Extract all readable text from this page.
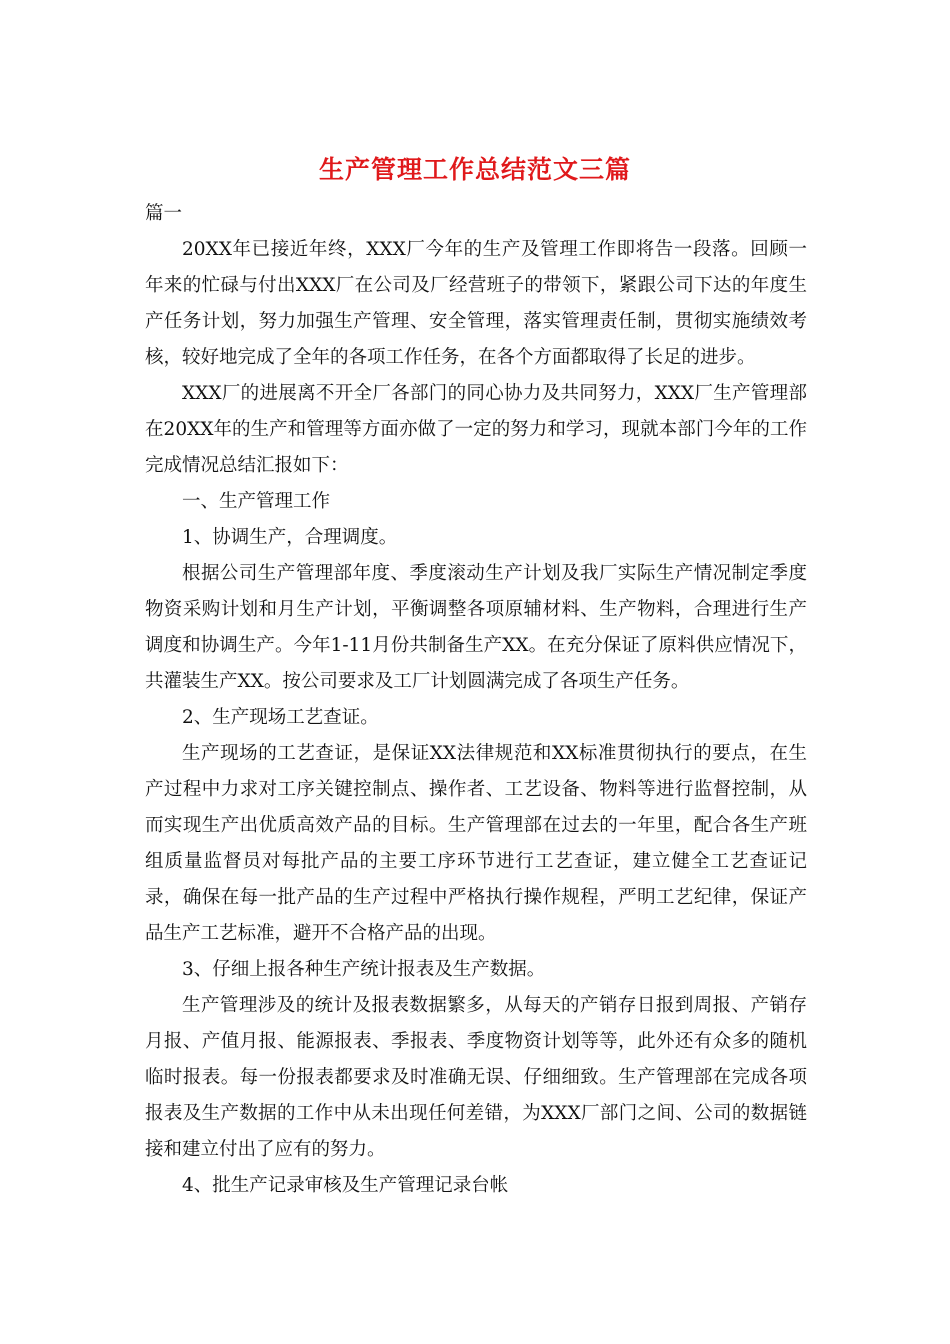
生产管理工作总结范文三篇

篇一

20XX年已接近年终，XXX厂今年的生产及管理工作即将告一段落。回顾一年来的忙碌与付出XXX厂在公司及厂经营班子的带领下，紧跟公司下达的年度生产任务计划，努力加强生产管理、安全管理，落实管理责任制，贯彻实施绩效考核，较好地完成了全年的各项工作任务，在各个方面都取得了长足的进步。

XXX厂的进展离不开全厂各部门的同心协力及共同努力，XXX厂生产管理部在20XX年的生产和管理等方面亦做了一定的努力和学习，现就本部门今年的工作完成情况总结汇报如下：

一、生产管理工作

1、协调生产，合理调度。

根据公司生产管理部年度、季度滚动生产计划及我厂实际生产情况制定季度物资采购计划和月生产计划，平衡调整各项原辅材料、生产物料，合理进行生产调度和协调生产。今年1-11月份共制备生产XX。在充分保证了原料供应情况下，共灌装生产XX。按公司要求及工厂计划圆满完成了各项生产任务。

2、生产现场工艺查证。

生产现场的工艺查证，是保证XX法律规范和XX标准贯彻执行的要点，在生产过程中力求对工序关键控制点、操作者、工艺设备、物料等进行监督控制，从而实现生产出优质高效产品的目标。生产管理部在过去的一年里，配合各生产班组质量监督员对每批产品的主要工序环节进行工艺查证，建立健全工艺查证记录，确保在每一批产品的生产过程中严格执行操作规程，严明工艺纪律，保证产品生产工艺标准，避开不合格产品的出现。

3、仔细上报各种生产统计报表及生产数据。

生产管理涉及的统计及报表数据繁多，从每天的产销存日报到周报、产销存月报、产值月报、能源报表、季报表、季度物资计划等等，此外还有众多的随机临时报表。每一份报表都要求及时准确无误、仔细细致。生产管理部在完成各项报表及生产数据的工作中从未出现任何差错，为XXX厂部门之间、公司的数据链接和建立付出了应有的努力。

4、批生产记录审核及生产管理记录台帐
